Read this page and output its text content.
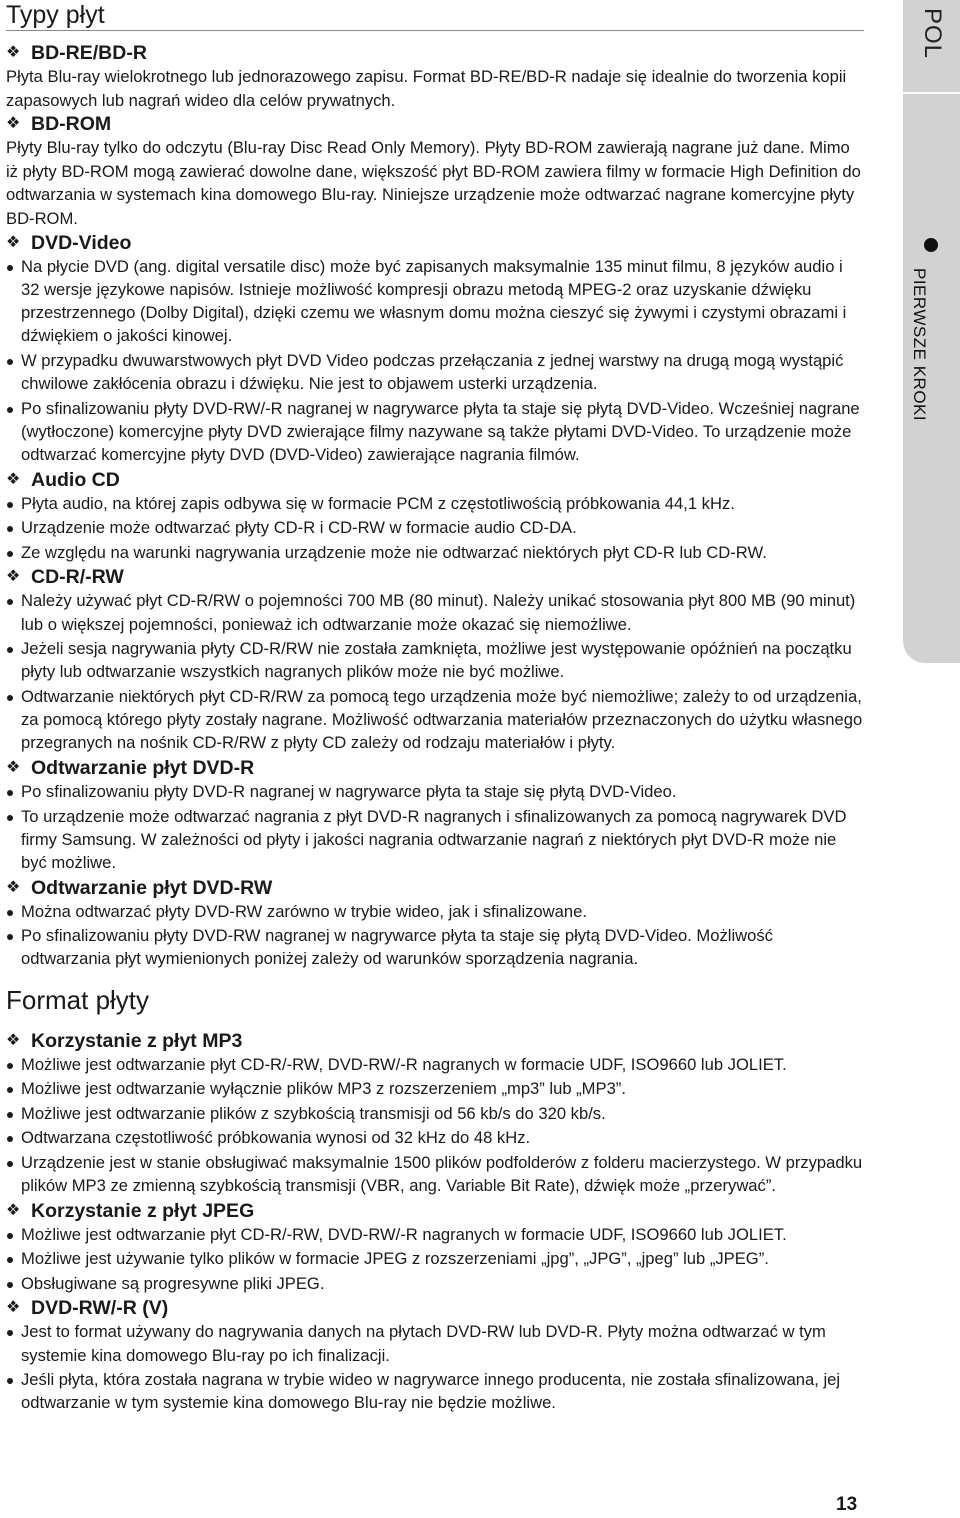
Typy płyt
❖ BD-RE/BD-R

Płyta Blu-ray wielokrotnego lub jednorazowego zapisu. Format BD-RE/BD-R nadaje się idealnie do tworzenia kopii zapasowych lub nagrań wideo dla celów prywatnych.

❖ BD-ROM

Płyty Blu-ray tylko do odczytu (Blu-ray Disc Read Only Memory). Płyty BD-ROM zawierają nagrane już dane. Mimo iż płyty BD-ROM mogą zawierać dowolne dane, większość płyt BD-ROM zawiera filmy w formacie High Definition do odtwarzania w systemach kina domowego Blu-ray. Niniejsze urządzenie może odtwarzać nagrane komercyjne płyty BD-ROM.

❖ DVD-Video
Na płycie DVD (ang. digital versatile disc) może być zapisanych maksymalnie 135 minut filmu, 8 języków audio i 32 wersje językowe napisów. Istnieje możliwość kompresji obrazu metodą MPEG-2 oraz uzyskanie dźwięku przestrzennego (Dolby Digital), dzięki czemu we własnym domu można cieszyć się żywymi i czystymi obrazami i dźwiękiem o jakości kinowej.
W przypadku dwuwarstwowych płyt DVD Video podczas przełączania z jednej warstwy na drugą mogą wystąpić chwilowe zakłócenia obrazu i dźwięku. Nie jest to objawem usterki urządzenia.
Po sfinalizowaniu płyty DVD-RW/-R nagranej w nagrywarce płyta ta staje się płytą DVD-Video. Wcześniej nagrane (wytłoczone) komercyjne płyty DVD zwierające filmy nazywane są także płytami DVD-Video. To urządzenie może odtwarzać komercyjne płyty DVD (DVD-Video) zawierające nagrania filmów.
❖ Audio CD
Płyta audio, na której zapis odbywa się w formacie PCM z częstotliwością próbkowania 44,1 kHz.
Urządzenie może odtwarzać płyty CD-R i CD-RW w formacie audio CD-DA.
Ze względu na warunki nagrywania urządzenie może nie odtwarzać niektórych płyt CD-R lub CD-RW.
❖ CD-R/-RW
Należy używać płyt CD-R/RW o pojemności 700 MB (80 minut). Należy unikać stosowania płyt 800 MB (90 minut) lub o większej pojemności, ponieważ ich odtwarzanie może okazać się niemożliwe.
Jeżeli sesja nagrywania płyty CD-R/RW nie została zamknięta, możliwe jest występowanie opóźnień na początku płyty lub odtwarzanie wszystkich nagranych plików może nie być możliwe.
Odtwarzanie niektórych płyt CD-R/RW za pomocą tego urządzenia może być niemożliwe; zależy to od urządzenia, za pomocą którego płyty zostały nagrane. Możliwość odtwarzania materiałów przeznaczonych do użytku własnego przegranych na nośnik CD-R/RW z płyty CD zależy od rodzaju materiałów i płyty.
❖ Odtwarzanie płyt DVD-R
Po sfinalizowaniu płyty DVD-R nagranej w nagrywarce płyta ta staje się płytą DVD-Video.
To urządzenie może odtwarzać nagrania z płyt DVD-R nagranych i sfinalizowanych za pomocą nagrywarek DVD firmy Samsung. W zależności od płyty i jakości nagrania odtwarzanie nagrań z niektórych płyt DVD-R może nie być możliwe.
❖ Odtwarzanie płyt DVD-RW
Można odtwarzać płyty DVD-RW zarówno w trybie wideo, jak i sfinalizowane.
Po sfinalizowaniu płyty DVD-RW nagranej w nagrywarce płyta ta staje się płytą DVD-Video. Możliwość odtwarzania płyt wymienionych poniżej zależy od warunków sporządzenia nagrania.
Format płyty
❖ Korzystanie z płyt MP3
Możliwe jest odtwarzanie płyt CD-R/-RW, DVD-RW/-R nagranych w formacie UDF, ISO9660 lub JOLIET.
Możliwe jest odtwarzanie wyłącznie plików MP3 z rozszerzeniem „mp3” lub „MP3”.
Możliwe jest odtwarzanie plików z szybkością transmisji od 56 kb/s do 320 kb/s.
Odtwarzana częstotliwość próbkowania wynosi od 32 kHz do 48 kHz.
Urządzenie jest w stanie obsługiwać maksymalnie 1500 plików podfolderów z folderu macierzystego. W przypadku plików MP3 ze zmienną szybkością transmisji (VBR, ang. Variable Bit Rate), dźwięk może „przerywać”.
❖ Korzystanie z płyt JPEG
Możliwe jest odtwarzanie płyt CD-R/-RW, DVD-RW/-R nagranych w formacie UDF, ISO9660 lub JOLIET.
Możliwe jest używanie tylko plików w formacie JPEG z rozszerzeniami „jpg”, „JPG”, „jpeg” lub „JPEG”.
Obsługiwane są progresywne pliki JPEG.
❖ DVD-RW/-R (V)
Jest to format używany do nagrywania danych na płytach DVD-RW lub DVD-R. Płyty można odtwarzać w tym systemie kina domowego Blu-ray po ich finalizacji.
Jeśli płyta, która została nagrana w trybie wideo w nagrywarce innego producenta, nie została sfinalizowana, jej odtwarzanie w tym systemie kina domowego Blu-ray nie będzie możliwe.
POL
PIERWSZE KROKI
13
